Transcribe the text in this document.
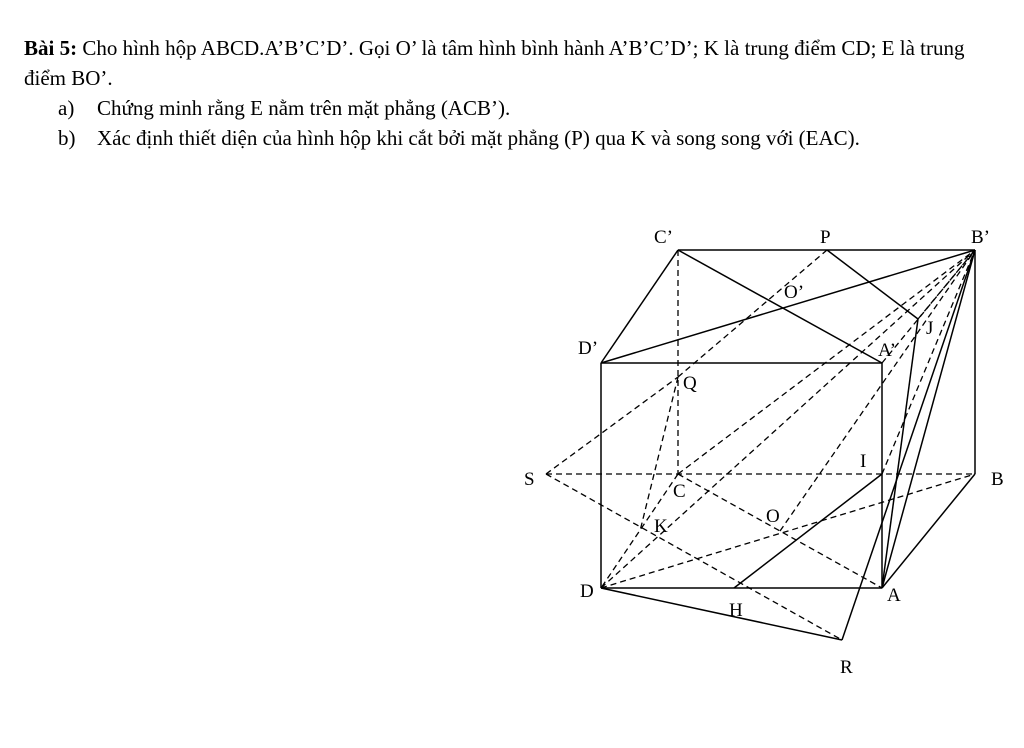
Bài 5: Cho hình hộp ABCD.A’B’C’D’. Gọi O’ là tâm hình bình hành A’B’C’D’; K là trung điểm CD; E là trung điểm BO’.

a) Chứng minh rằng E nằm trên mặt phẳng (ACB’).
b) Xác định thiết diện của hình hộp khi cắt bởi mặt phẳng (P) qua K và song song với (EAC).
C’	P	B’
O’
J
D’	A’
Q
S
C
I
B
K	O
D	A
H
R
